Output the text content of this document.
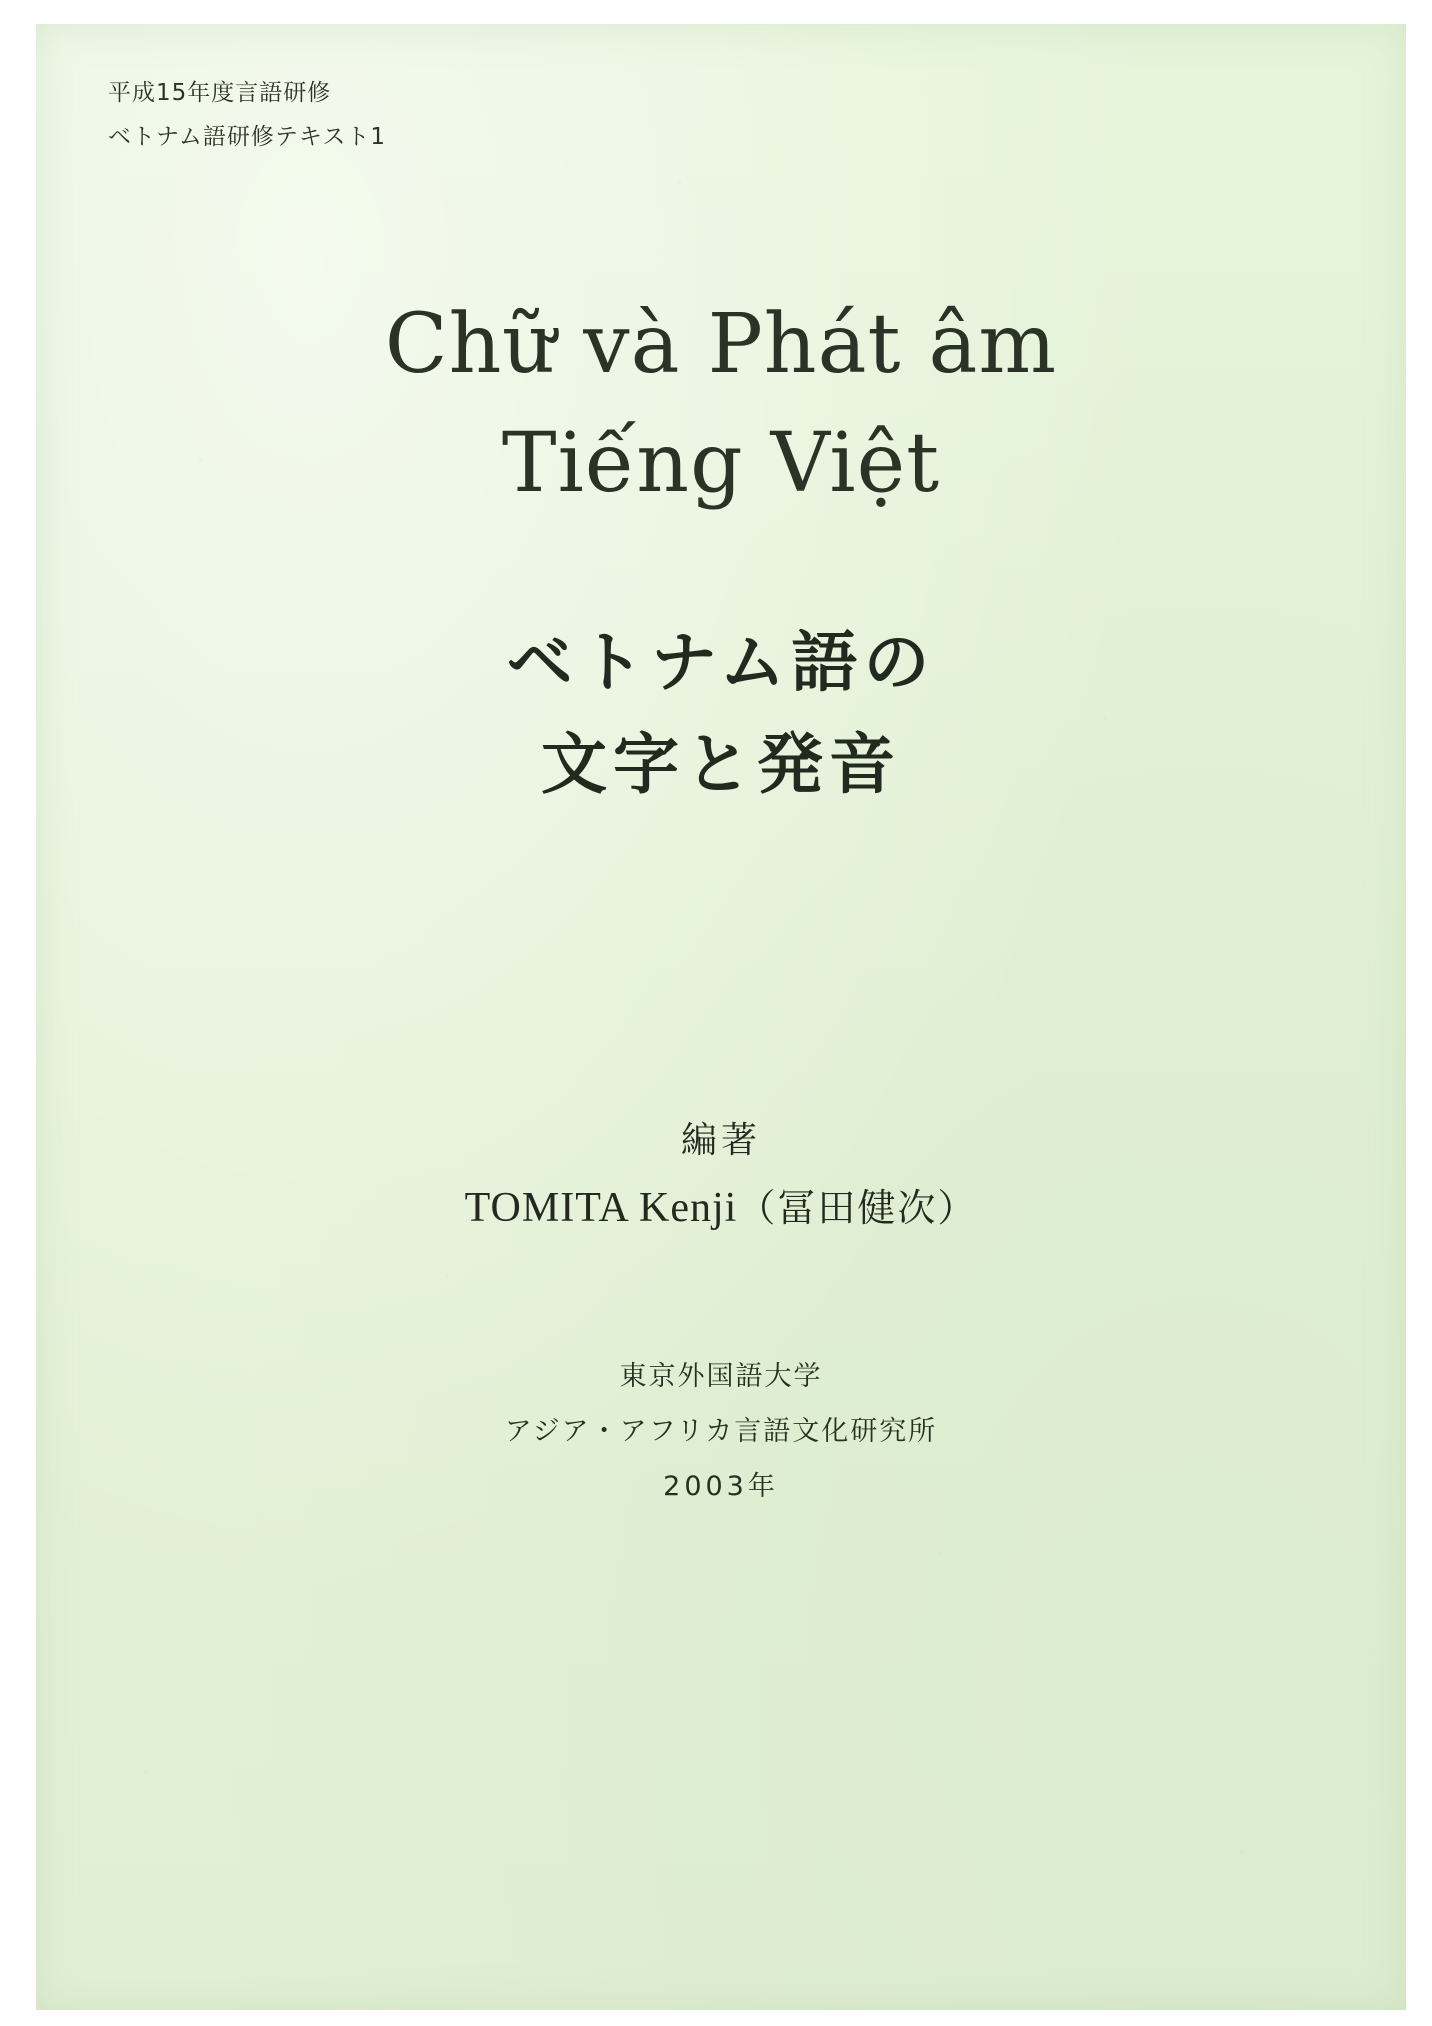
平成15年度言語研修
ベトナム語研修テキスト1
Chữ và Phát âm
Tiếng Việt
ベトナム語の
文字と発音
編著
TOMITA Kenji（冨田健次）
東京外国語大学
アジア・アフリカ言語文化研究所
2003年
